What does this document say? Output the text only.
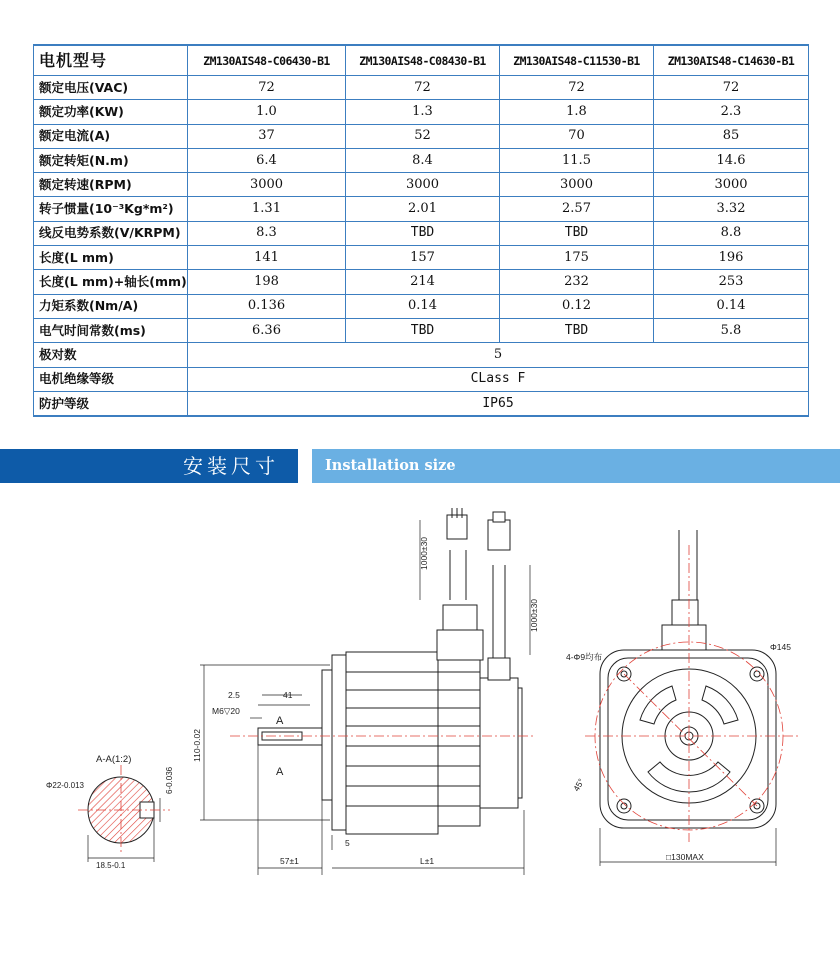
电机型号	ZM130AIS48-C06430-B1	ZM130AIS48-C08430-B1	ZM130AIS48-C11530-B1	ZM130AIS48-C14630-B1
额定电压(VAC)	72	72	72	72
额定功率(KW)	1.0	1.3	1.8	2.3
额定电流(A)	37	52	70	85
额定转矩(N.m)	6.4	8.4	11.5	14.6
额定转速(RPM)	3000	3000	3000	3000
转子惯量(10⁻³Kg*m²)	1.31	2.01	2.57	3.32
线反电势系数(V/KRPM)	8.3	TBD	TBD	8.8
长度(L mm)	141	157	175	196
长度(L mm)+轴长(mm)	198	214	232	253
力矩系数(Nm/A)	0.136	0.14	0.12	0.14
电气时间常数(ms)	6.36	TBD	TBD	5.8
极对数	5			
电机绝缘等级	CLass F			
防护等级	IP65			
安装尺寸	Installation size
1000±30
1000±30
2.5	41
M6▽20
A
A
110-0.02
A-A(1:2)
Φ22-0.013	6-0.036
18.5-0.1	57±1
5
L±1
4-Φ9均布
Φ145
45°
□130MAX
